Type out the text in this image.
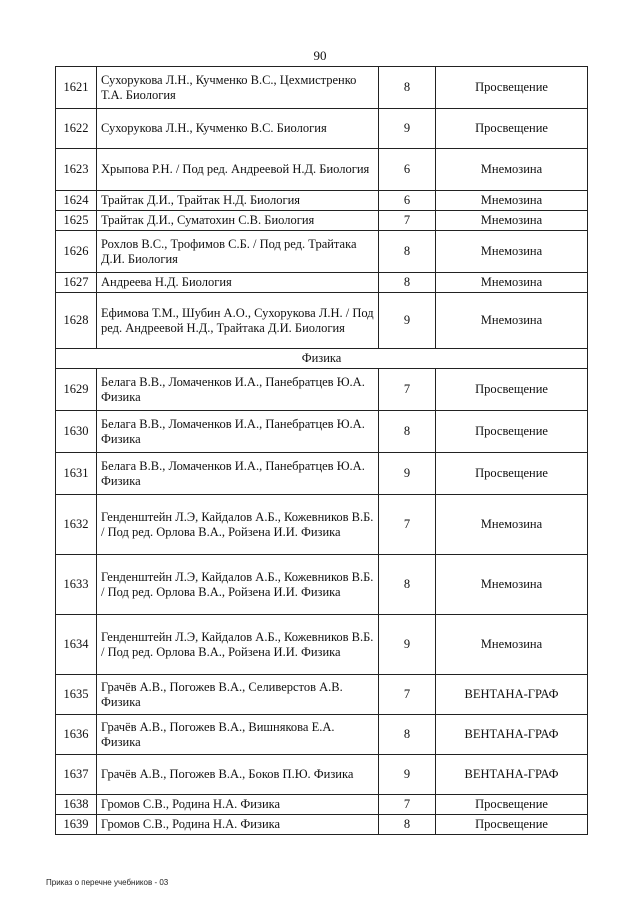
90
1621	Сухорукова Л.Н., Кучменко В.С., Цехмистренко Т.А. Биология	8	Просвещение
1622	Сухорукова Л.Н., Кучменко В.С. Биология	9	Просвещение
1623	Хрыпова Р.Н. / Под ред. Андреевой Н.Д. Биология	6	Мнемозина
1624	Трайтак Д.И., Трайтак Н.Д. Биология	6	Мнемозина
1625	Трайтак Д.И., Суматохин С.В. Биология	7	Мнемозина
1626	Рохлов В.С., Трофимов С.Б. / Под ред. Трайтака Д.И. Биология	8	Мнемозина
1627	Андреева Н.Д. Биология	8	Мнемозина
1628	Ефимова Т.М., Шубин А.О., Сухорукова Л.Н. / Под ред. Андреевой Н.Д., Трайтака Д.И. Биология	9	Мнемозина
Физика			
1629	Белага В.В., Ломаченков И.А., Панебратцев Ю.А. Физика	7	Просвещение
1630	Белага В.В., Ломаченков И.А., Панебратцев Ю.А. Физика	8	Просвещение
1631	Белага В.В., Ломаченков И.А., Панебратцев Ю.А. Физика	9	Просвещение
1632	Генденштейн Л.Э, Кайдалов А.Б., Кожевников В.Б. / Под ред. Орлова В.А., Ройзена И.И. Физика	7	Мнемозина
1633	Генденштейн Л.Э, Кайдалов А.Б., Кожевников В.Б. / Под ред. Орлова В.А., Ройзена И.И. Физика	8	Мнемозина
1634	Генденштейн Л.Э, Кайдалов А.Б., Кожевников В.Б. / Под ред. Орлова В.А., Ройзена И.И. Физика	9	Мнемозина
1635	Грачёв А.В., Погожев В.А., Селиверстов А.В. Физика	7	ВЕНТАНА-ГРАФ
1636	Грачёв А.В., Погожев В.А., Вишнякова Е.А. Физика	8	ВЕНТАНА-ГРАФ
1637	Грачёв А.В., Погожев В.А., Боков П.Ю. Физика	9	ВЕНТАНА-ГРАФ
1638	Громов С.В., Родина Н.А. Физика	7	Просвещение
1639	Громов С.В., Родина Н.А. Физика	8	Просвещение
Приказ о перечне учебников - 03
